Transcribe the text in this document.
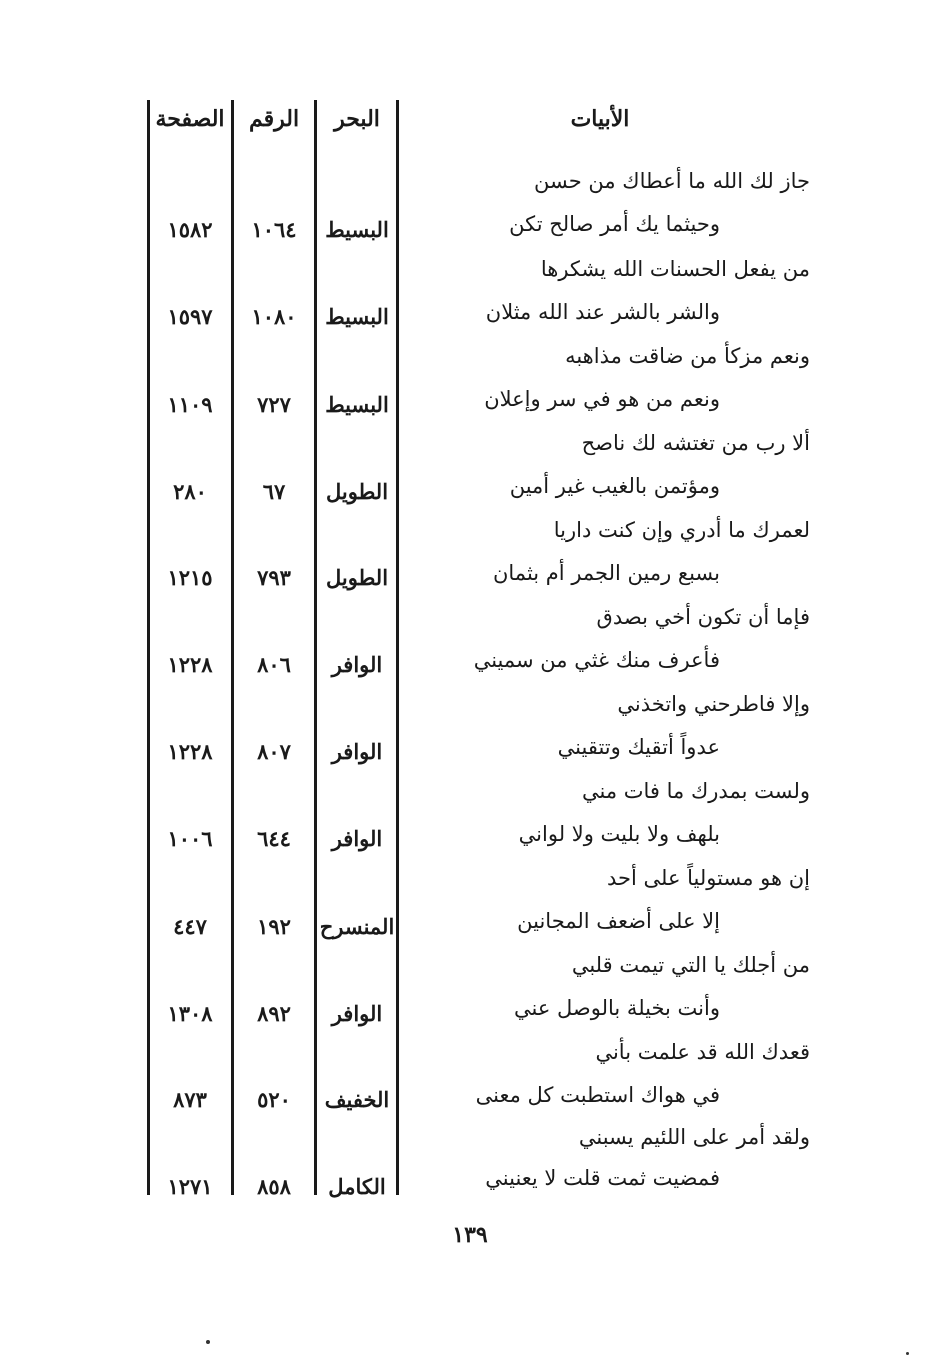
الأبيات
البحر
الرقم
الصفحة
جاز لك الله ما أعطاك من حسن
وحيثما يك أمر صالح تكن
البسيط
١٠٦٤
١٥٨٢
من يفعل الحسنات الله يشكرها
والشر بالشر عند الله مثلان
البسيط
١٠٨٠
١٥٩٧
ونعم مزكأ من ضاقت مذاهبه
ونعم من هو في سر وإعلان
البسيط
٧٢٧
١١٠٩
ألا رب من تغتشه لك ناصح
ومؤتمن بالغيب غير أمين
الطويل
٦٧
٢٨٠
لعمرك ما أدري وإن كنت داريا
بسبع رمين الجمر أم بثمان
الطويل
٧٩٣
١٢١٥
فإما أن تكون أخي بصدق
فأعرف منك غثي من سميني
الوافر
٨٠٦
١٢٢٨
وإلا فاطرحني واتخذني
عدواً أتقيك وتتقيني
الوافر
٨٠٧
١٢٢٨
ولست بمدرك ما فات مني
بلهف ولا بليت ولا لواني
الوافر
٦٤٤
١٠٠٦
إن هو مستولياً على أحد
إلا على أضعف المجانين
المنسرح
١٩٢
٤٤٧
من أجلك يا التي تيمت قلبي
وأنت بخيلة بالوصل عني
الوافر
٨٩٢
١٣٠٨
قعدك الله قد علمت بأني
في هواك استطبت كل معنى
الخفيف
٥٢٠
٨٧٣
ولقد أمر على اللئيم يسبني
فمضيت ثمت قلت لا يعنيني
الكامل
٨٥٨
١٢٧١
١٣٩
